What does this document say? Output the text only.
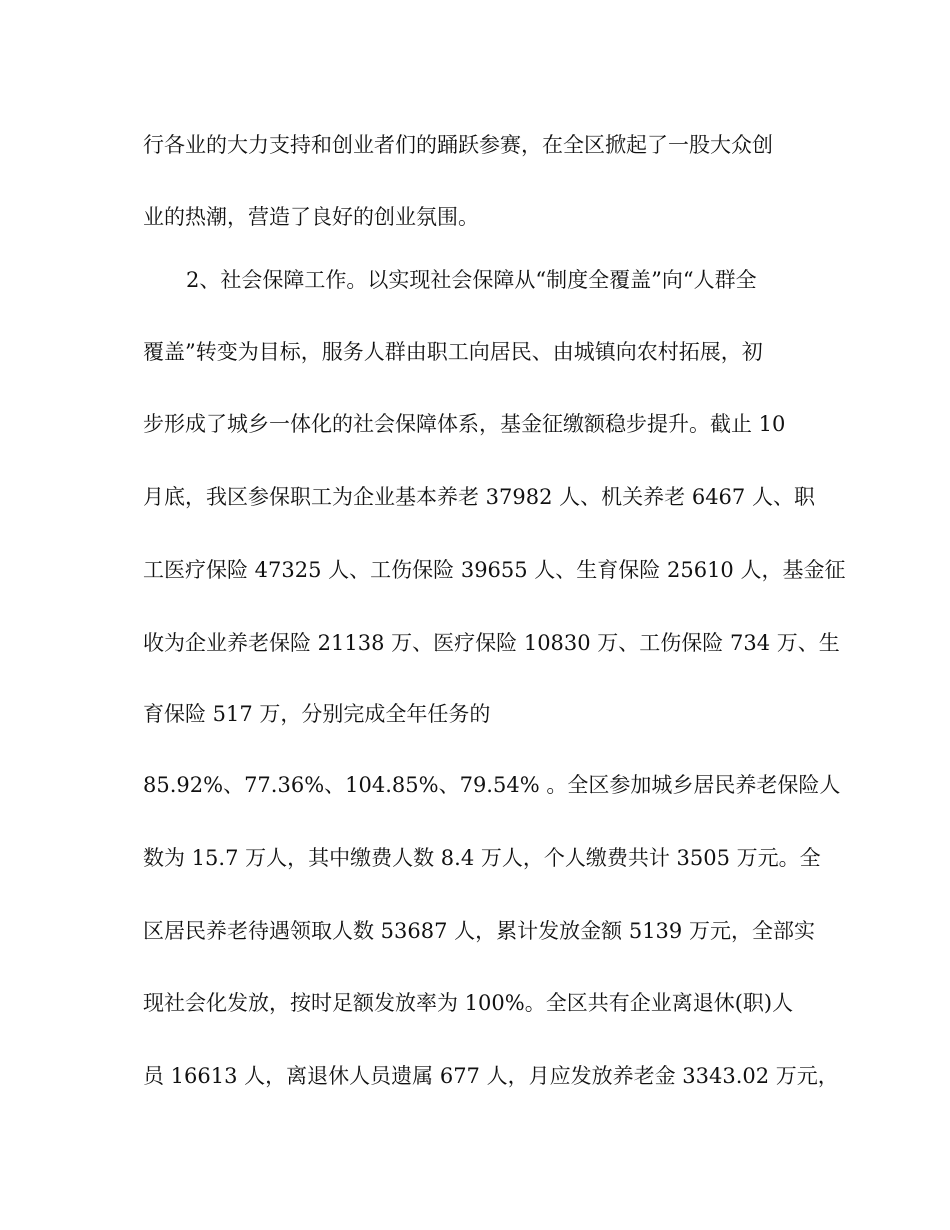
行各业的大力支持和创业者们的踊跃参赛，在全区掀起了一股大众创
业的热潮，营造了良好的创业氛围。
2、社会保障工作。以实现社会保障从“制度全覆盖”向“人群全
覆盖”转变为目标，服务人群由职工向居民、由城镇向农村拓展，初
步形成了城乡一体化的社会保障体系，基金征缴额稳步提升。截止 10
月底，我区参保职工为企业基本养老 37982 人、机关养老 6467 人、职
工医疗保险 47325 人、工伤保险 39655 人、生育保险 25610 人，基金征
收为企业养老保险 21138 万、医疗保险 10830 万、工伤保险 734 万、生
育保险 517 万，分别完成全年任务的
85.92%、77.36%、104.85%、79.54% 。全区参加城乡居民养老保险人
数为 15.7 万人，其中缴费人数 8.4 万人，个人缴费共计 3505 万元。全
区居民养老待遇领取人数 53687 人，累计发放金额 5139 万元，全部实
现社会化发放，按时足额发放率为 100%。全区共有企业离退休(职)人
员 16613 人，离退休人员遗属 677 人，月应发放养老金 3343.02 万元，
